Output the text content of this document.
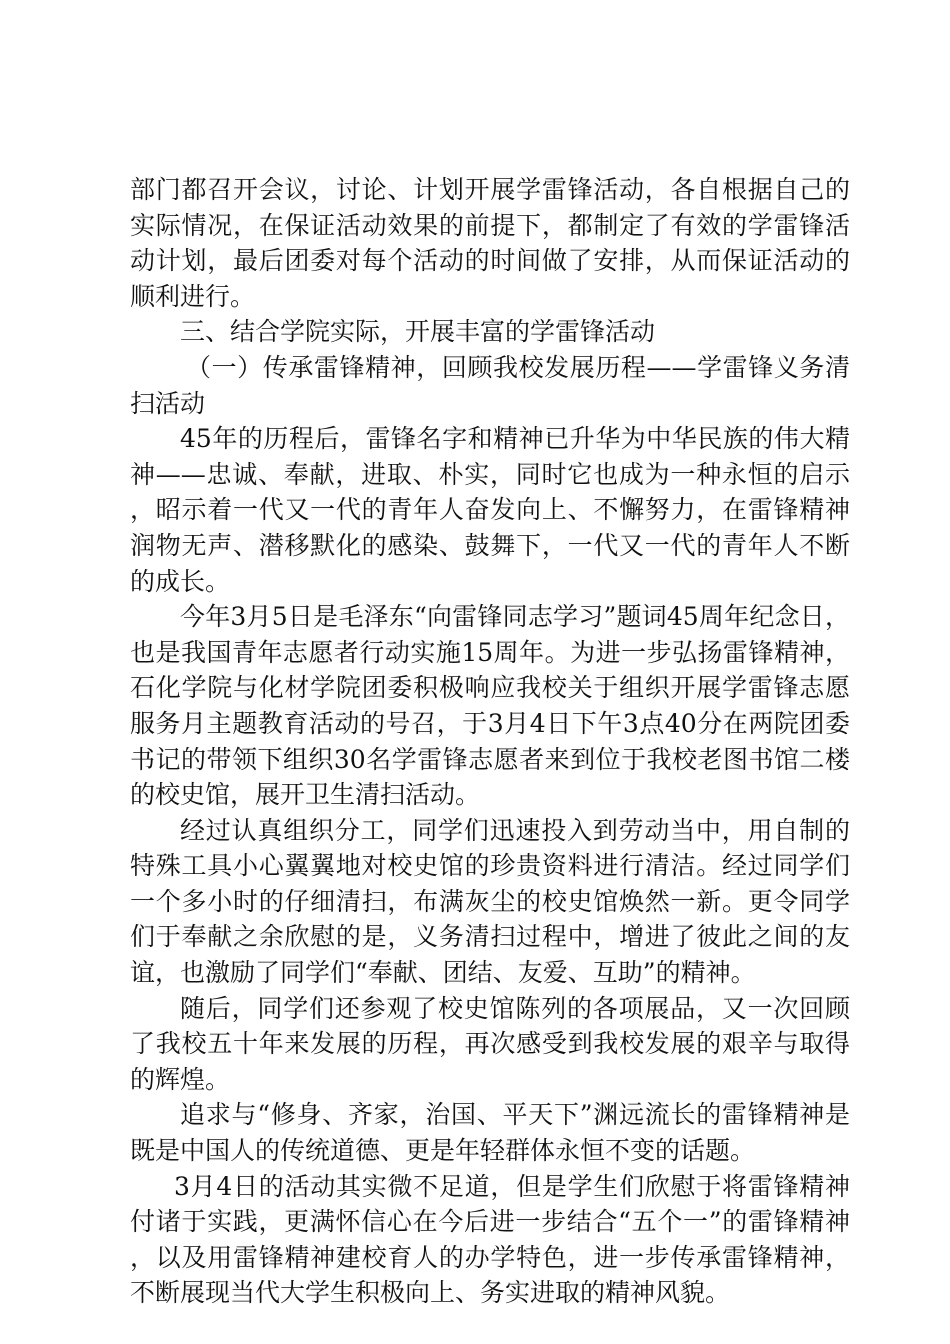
部门都召开会议，讨论、计划开展学雷锋活动，各自根据自己的实际情况，在保证活动效果的前提下，都制定了有效的学雷锋活动计划，最后团委对每个活动的时间做了安排，从而保证活动的顺利进行。

三、结合学院实际，开展丰富的学雷锋活动

（一）传承雷锋精神，回顾我校发展历程——学雷锋义务清扫活动

45年的历程后，雷锋名字和精神已升华为中华民族的伟大精神——忠诚、奉献，进取、朴实，同时它也成为一种永恒的启示，昭示着一代又一代的青年人奋发向上、不懈努力，在雷锋精神润物无声、潜移默化的感染、鼓舞下，一代又一代的青年人不断的成长。

今年3月5日是毛泽东“向雷锋同志学习”题词45周年纪念日，也是我国青年志愿者行动实施15周年。为进一步弘扬雷锋精神，石化学院与化材学院团委积极响应我校关于组织开展学雷锋志愿服务月主题教育活动的号召，于3月4日下午3点40分在两院团委书记的带领下组织30名学雷锋志愿者来到位于我校老图书馆二楼的校史馆，展开卫生清扫活动。

经过认真组织分工，同学们迅速投入到劳动当中，用自制的特殊工具小心翼翼地对校史馆的珍贵资料进行清洁。经过同学们一个多小时的仔细清扫，布满灰尘的校史馆焕然一新。更令同学们于奉献之余欣慰的是，义务清扫过程中，增进了彼此之间的友谊，也激励了同学们“奉献、团结、友爱、互助”的精神。

随后，同学们还参观了校史馆陈列的各项展品，又一次回顾了我校五十年来发展的历程，再次感受到我校发展的艰辛与取得的辉煌。

追求与“修身、齐家，治国、平天下”渊远流长的雷锋精神是既是中国人的传统道德、更是年轻群体永恒不变的话题。

3月4日的活动其实微不足道，但是学生们欣慰于将雷锋精神付诸于实践，更满怀信心在今后进一步结合“五个一”的雷锋精神，以及用雷锋精神建校育人的办学特色，进一步传承雷锋精神，不断展现当代大学生积极向上、务实进取的精神风貌。
